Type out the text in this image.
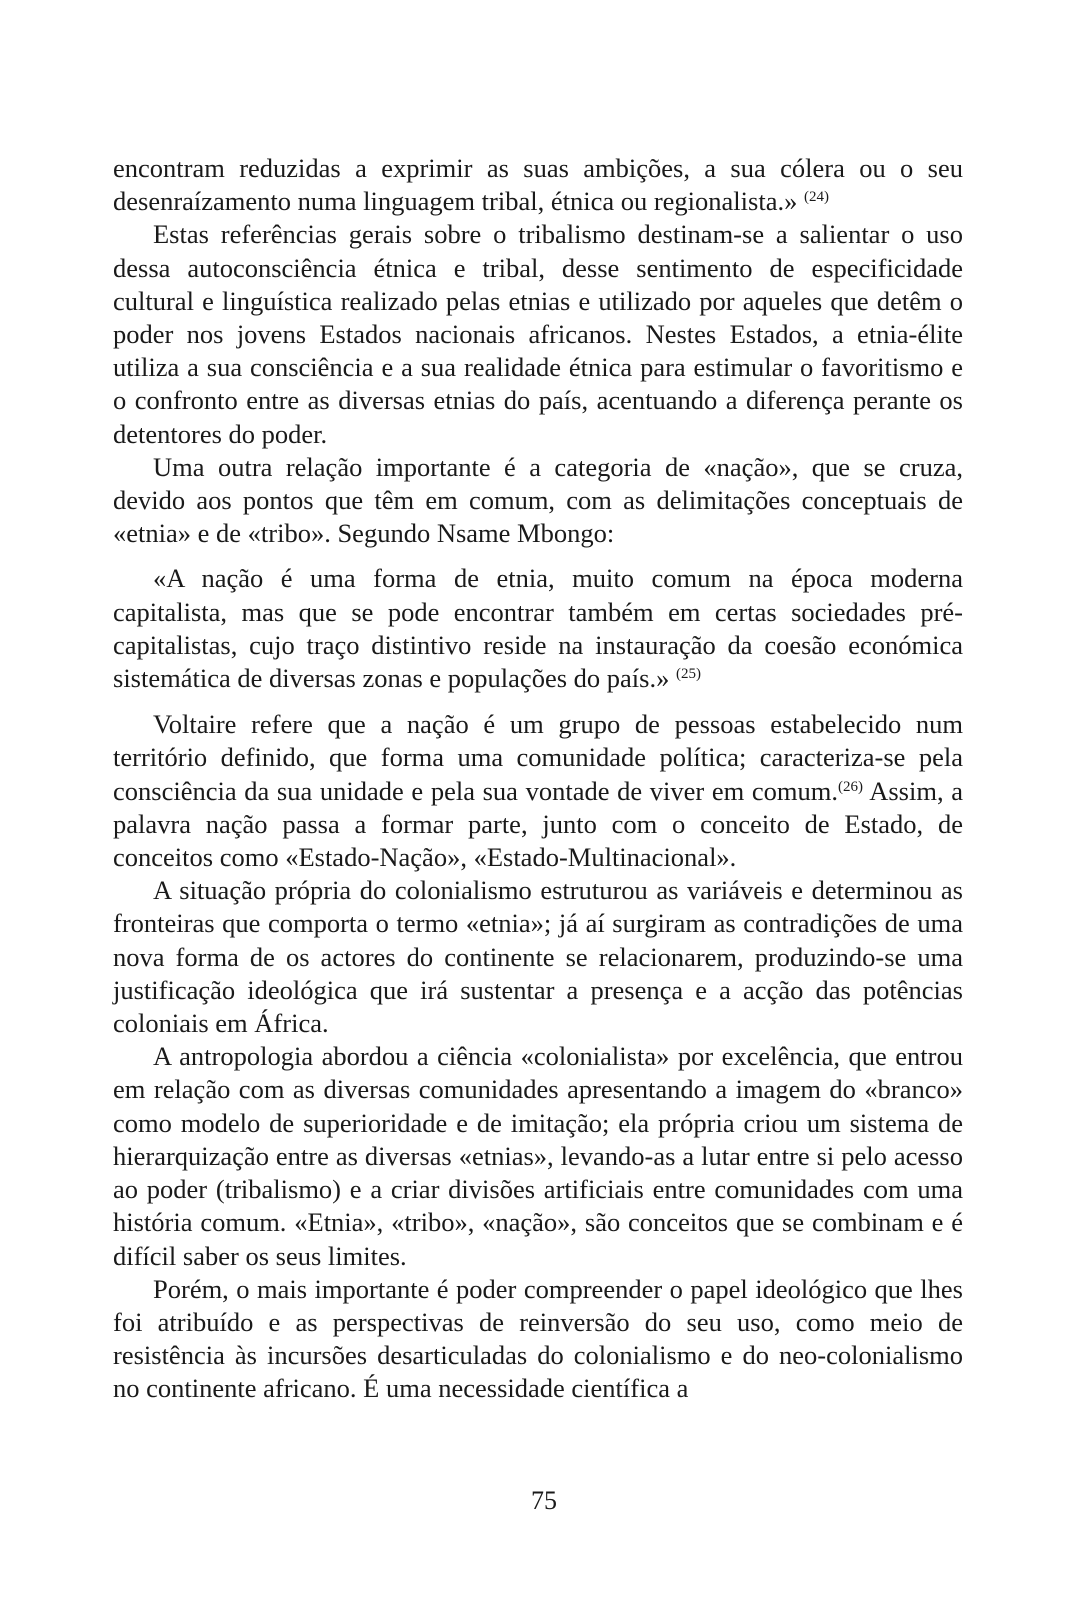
encontram reduzidas a exprimir as suas ambições, a sua cólera ou o seu desenraízamento numa linguagem tribal, étnica ou regionalista.» $^{(24)}$

Estas referências gerais sobre o tribalismo destinam-se a salientar o uso dessa autoconsciência étnica e tribal, desse sentimento de especificidade cultural e linguística realizado pelas etnias e utilizado por aqueles que detêm o poder nos jovens Estados nacionais africanos. Nestes Estados, a etnia-élite utiliza a sua consciência e a sua realidade étnica para estimular o favoritismo e o confronto entre as diversas etnias do país, acentuando a diferença perante os detentores do poder.

Uma outra relação importante é a categoria de «nação», que se cruza, devido aos pontos que têm em comum, com as delimitações conceptuais de «etnia» e de «tribo». Segundo Nsame Mbongo:

«A nação é uma forma de etnia, muito comum na época moderna capitalista, mas que se pode encontrar também em certas sociedades pré-capitalistas, cujo traço distintivo reside na instauração da coesão económica sistemática de diversas zonas e populações do país.» $^{(25)}$

Voltaire refere que a nação é um grupo de pessoas estabelecido num território definido, que forma uma comunidade política; caracteriza-se pela consciência da sua unidade e pela sua vontade de viver em comum.$^{(26)}$ Assim, a palavra nação passa a formar parte, junto com o conceito de Estado, de conceitos como «Estado-Nação», «Estado-Multinacional».

A situação própria do colonialismo estruturou as variáveis e determinou as fronteiras que comporta o termo «etnia»; já aí surgiram as contradições de uma nova forma de os actores do continente se relacionarem, produzindo-se uma justificação ideológica que irá sustentar a presença e a acção das potências coloniais em África.

A antropologia abordou a ciência «colonialista» por excelência, que entrou em relação com as diversas comunidades apresentando a imagem do «branco» como modelo de superioridade e de imitação; ela própria criou um sistema de hierarquização entre as diversas «etnias», levando-as a lutar entre si pelo acesso ao poder (tribalismo) e a criar divisões artificiais entre comunidades com uma história comum. «Etnia», «tribo», «nação», são conceitos que se combinam e é difícil saber os seus limites.

Porém, o mais importante é poder compreender o papel ideológico que lhes foi atribuído e as perspectivas de reinversão do seu uso, como meio de resistência às incursões desarticuladas do colonialismo e do neo-colonialismo no continente africano. É uma necessidade científica a

75
